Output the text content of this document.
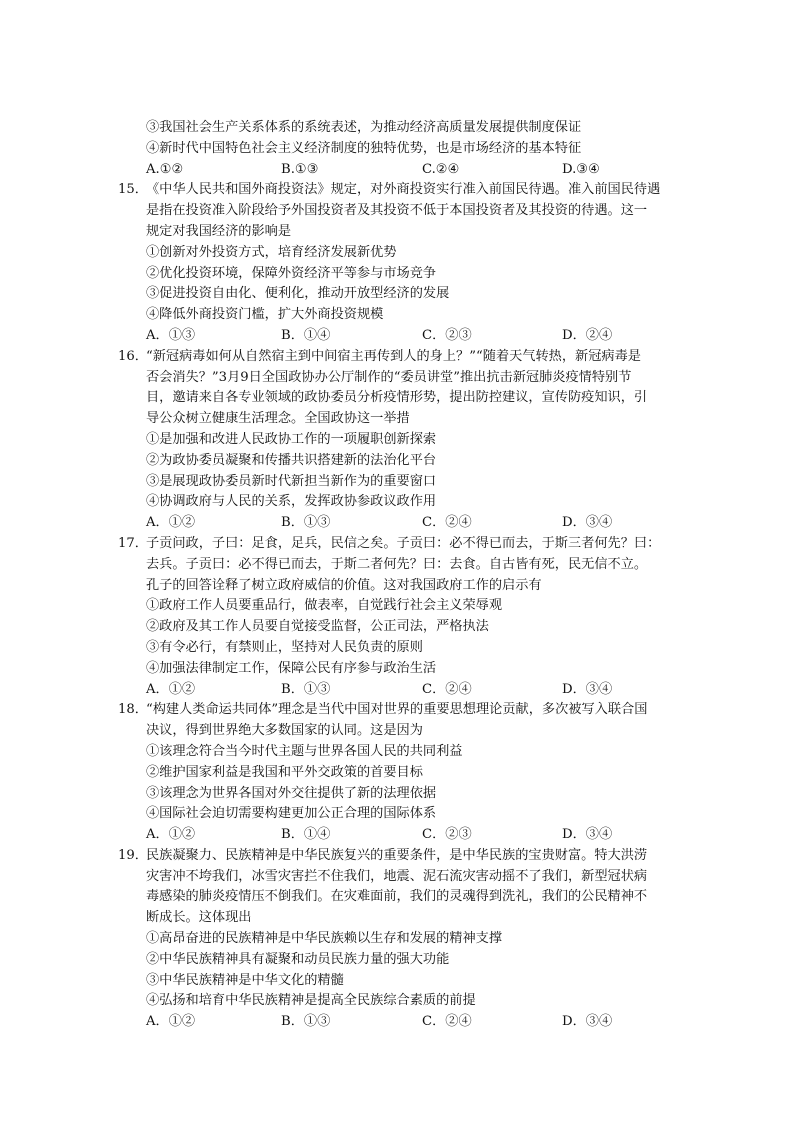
③我国社会生产关系体系的系统表述，为推动经济高质量发展提供制度保证
④新时代中国特色社会主义经济制度的独特优势，也是市场经济的基本特征
A.①②	B.①③	C.②④	D.③④
15．《中华人民共和国外商投资法》规定，对外商投资实行准入前国民待遇。准入前国民待遇
是指在投资准入阶段给予外国投资者及其投资不低于本国投资者及其投资的待遇。这一
规定对我国经济的影响是
①创新对外投资方式，培育经济发展新优势
②优化投资环境，保障外资经济平等参与市场竞争
③促进投资自由化、便利化，推动开放型经济的发展
④降低外商投资门槛，扩大外商投资规模
A．①③	B．①④	C．②③	D．②④
16．“新冠病毒如何从自然宿主到中间宿主再传到人的身上？”“随着天气转热，新冠病毒是
否会消失？”3月9日全国政协办公厅制作的“委员讲堂”推出抗击新冠肺炎疫情特别节
目，邀请来自各专业领域的政协委员分析疫情形势，提出防控建议，宣传防疫知识，引
导公众树立健康生活理念。全国政协这一举措
①是加强和改进人民政协工作的一项履职创新探索
②为政协委员凝聚和传播共识搭建新的法治化平台
③是展现政协委员新时代新担当新作为的重要窗口
④协调政府与人民的关系，发挥政协参政议政作用
A．①②	B．①③	C．②④	D．③④
17．子贡问政，子曰：足食，足兵，民信之矣。子贡曰：必不得已而去，于斯三者何先？曰：
去兵。子贡曰：必不得已而去，于斯二者何先？曰：去食。自古皆有死，民无信不立。
孔子的回答诠释了树立政府威信的价值。这对我国政府工作的启示有
①政府工作人员要重品行，做表率，自觉践行社会主义荣辱观
②政府及其工作人员要自觉接受监督，公正司法，严格执法
③有令必行，有禁则止，坚持对人民负责的原则
④加强法律制定工作，保障公民有序参与政治生活
A．①②	B．①③	C．②④	D．③④
18．“构建人类命运共同体”理念是当代中国对世界的重要思想理论贡献，多次被写入联合国
决议，得到世界绝大多数国家的认同。这是因为
①该理念符合当今时代主题与世界各国人民的共同利益
②维护国家利益是我国和平外交政策的首要目标
③该理念为世界各国对外交往提供了新的法理依据
④国际社会迫切需要构建更加公正合理的国际体系
A．①②	B．①④	C．②③	D．③④
19．民族凝聚力、民族精神是中华民族复兴的重要条件，是中华民族的宝贵财富。特大洪涝
灾害冲不垮我们，冰雪灾害拦不住我们，地震、泥石流灾害动摇不了我们，新型冠状病
毒感染的肺炎疫情压不倒我们。在灾难面前，我们的灵魂得到洗礼，我们的公民精神不
断成长。这体现出
①高昂奋进的民族精神是中华民族赖以生存和发展的精神支撑
②中华民族精神具有凝聚和动员民族力量的强大功能
③中华民族精神是中华文化的精髓
④弘扬和培育中华民族精神是提高全民族综合素质的前提
A．①②	B．①③	C．②④	D．③④
